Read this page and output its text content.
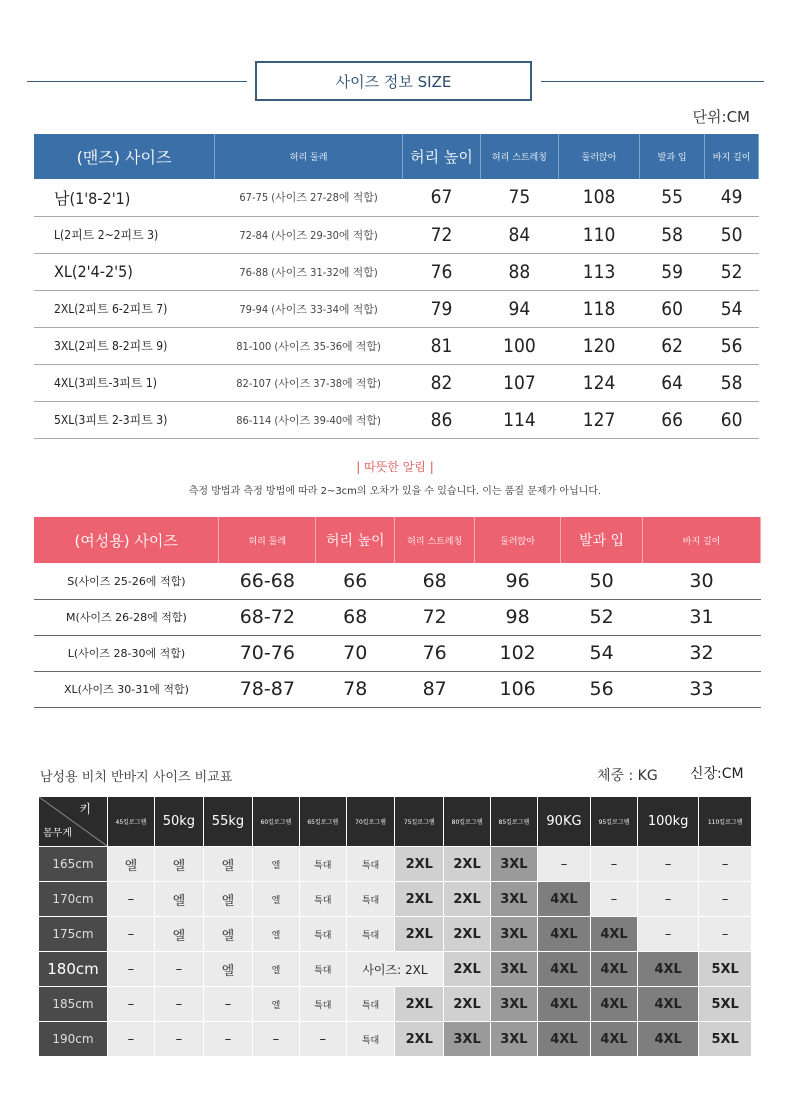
사이즈 정보 SIZE
단위:CM
(맨즈) 사이즈	허리 둘레	허리 높이	허리 스트레칭	둘러앉아	발과 입	바지 길이
남(1'8-2'1)	67-75 (사이즈 27-28에 적합)	67	75	108	55	49
L(2피트 2~2피트 3)	72-84 (사이즈 29-30에 적합)	72	84	110	58	50
XL(2'4-2'5)	76-88 (사이즈 31-32에 적합)	76	88	113	59	52
2XL(2피트 6-2피트 7)	79-94 (사이즈 33-34에 적합)	79	94	118	60	54
3XL(2피트 8-2피트 9)	81-100 (사이즈 35-36에 적합)	81	100	120	62	56
4XL(3피트-3피트 1)	82-107 (사이즈 37-38에 적합)	82	107	124	64	58
5XL(3피트 2-3피트 3)	86-114 (사이즈 39-40에 적합)	86	114	127	66	60
| 따뜻한 알림 |
측정 방법과 측정 방법에 따라 2~3cm의 오차가 있을 수 있습니다. 이는 품질 문제가 아닙니다.
(여성용) 사이즈	허리 둘레	허리 높이	허리 스트레칭	둘러앉아	발과 입	바지 길이
S(사이즈 25-26에 적합)	66-68	66	68	96	50	30
M(사이즈 26-28에 적합)	68-72	68	72	98	52	31
L(사이즈 28-30에 적합)	70-76	70	76	102	54	32
XL(사이즈 30-31에 적합)	78-87	78	87	106	56	33
남성용 비치 반바지 사이즈 비교표	체중 : KG 신장:CM
키
몸무게	45킬로그램	50kg	55kg	60킬로그램	65킬로그램	70킬로그램	75킬로그램	80킬로그램	85킬로그램	90KG	95킬로그램	100kg	110킬로그램
165cm	엘	엘	엘	엘	특대	특대	2XL	2XL	3XL	–	–	–	–
170cm	–	엘	엘	엘	특대	특대	2XL	2XL	3XL	4XL	–	–	–
175cm	–	엘	엘	엘	특대	특대	2XL	2XL	3XL	4XL	4XL	–	–
180cm	–	–	엘	엘	특대	사이즈: 2XL		2XL	3XL	4XL	4XL	4XL	5XL
185cm	–	–	–	엘	특대	특대	2XL	2XL	3XL	4XL	4XL	4XL	5XL
190cm	–	–	–	–	–	특대	2XL	3XL	3XL	4XL	4XL	4XL	5XL
